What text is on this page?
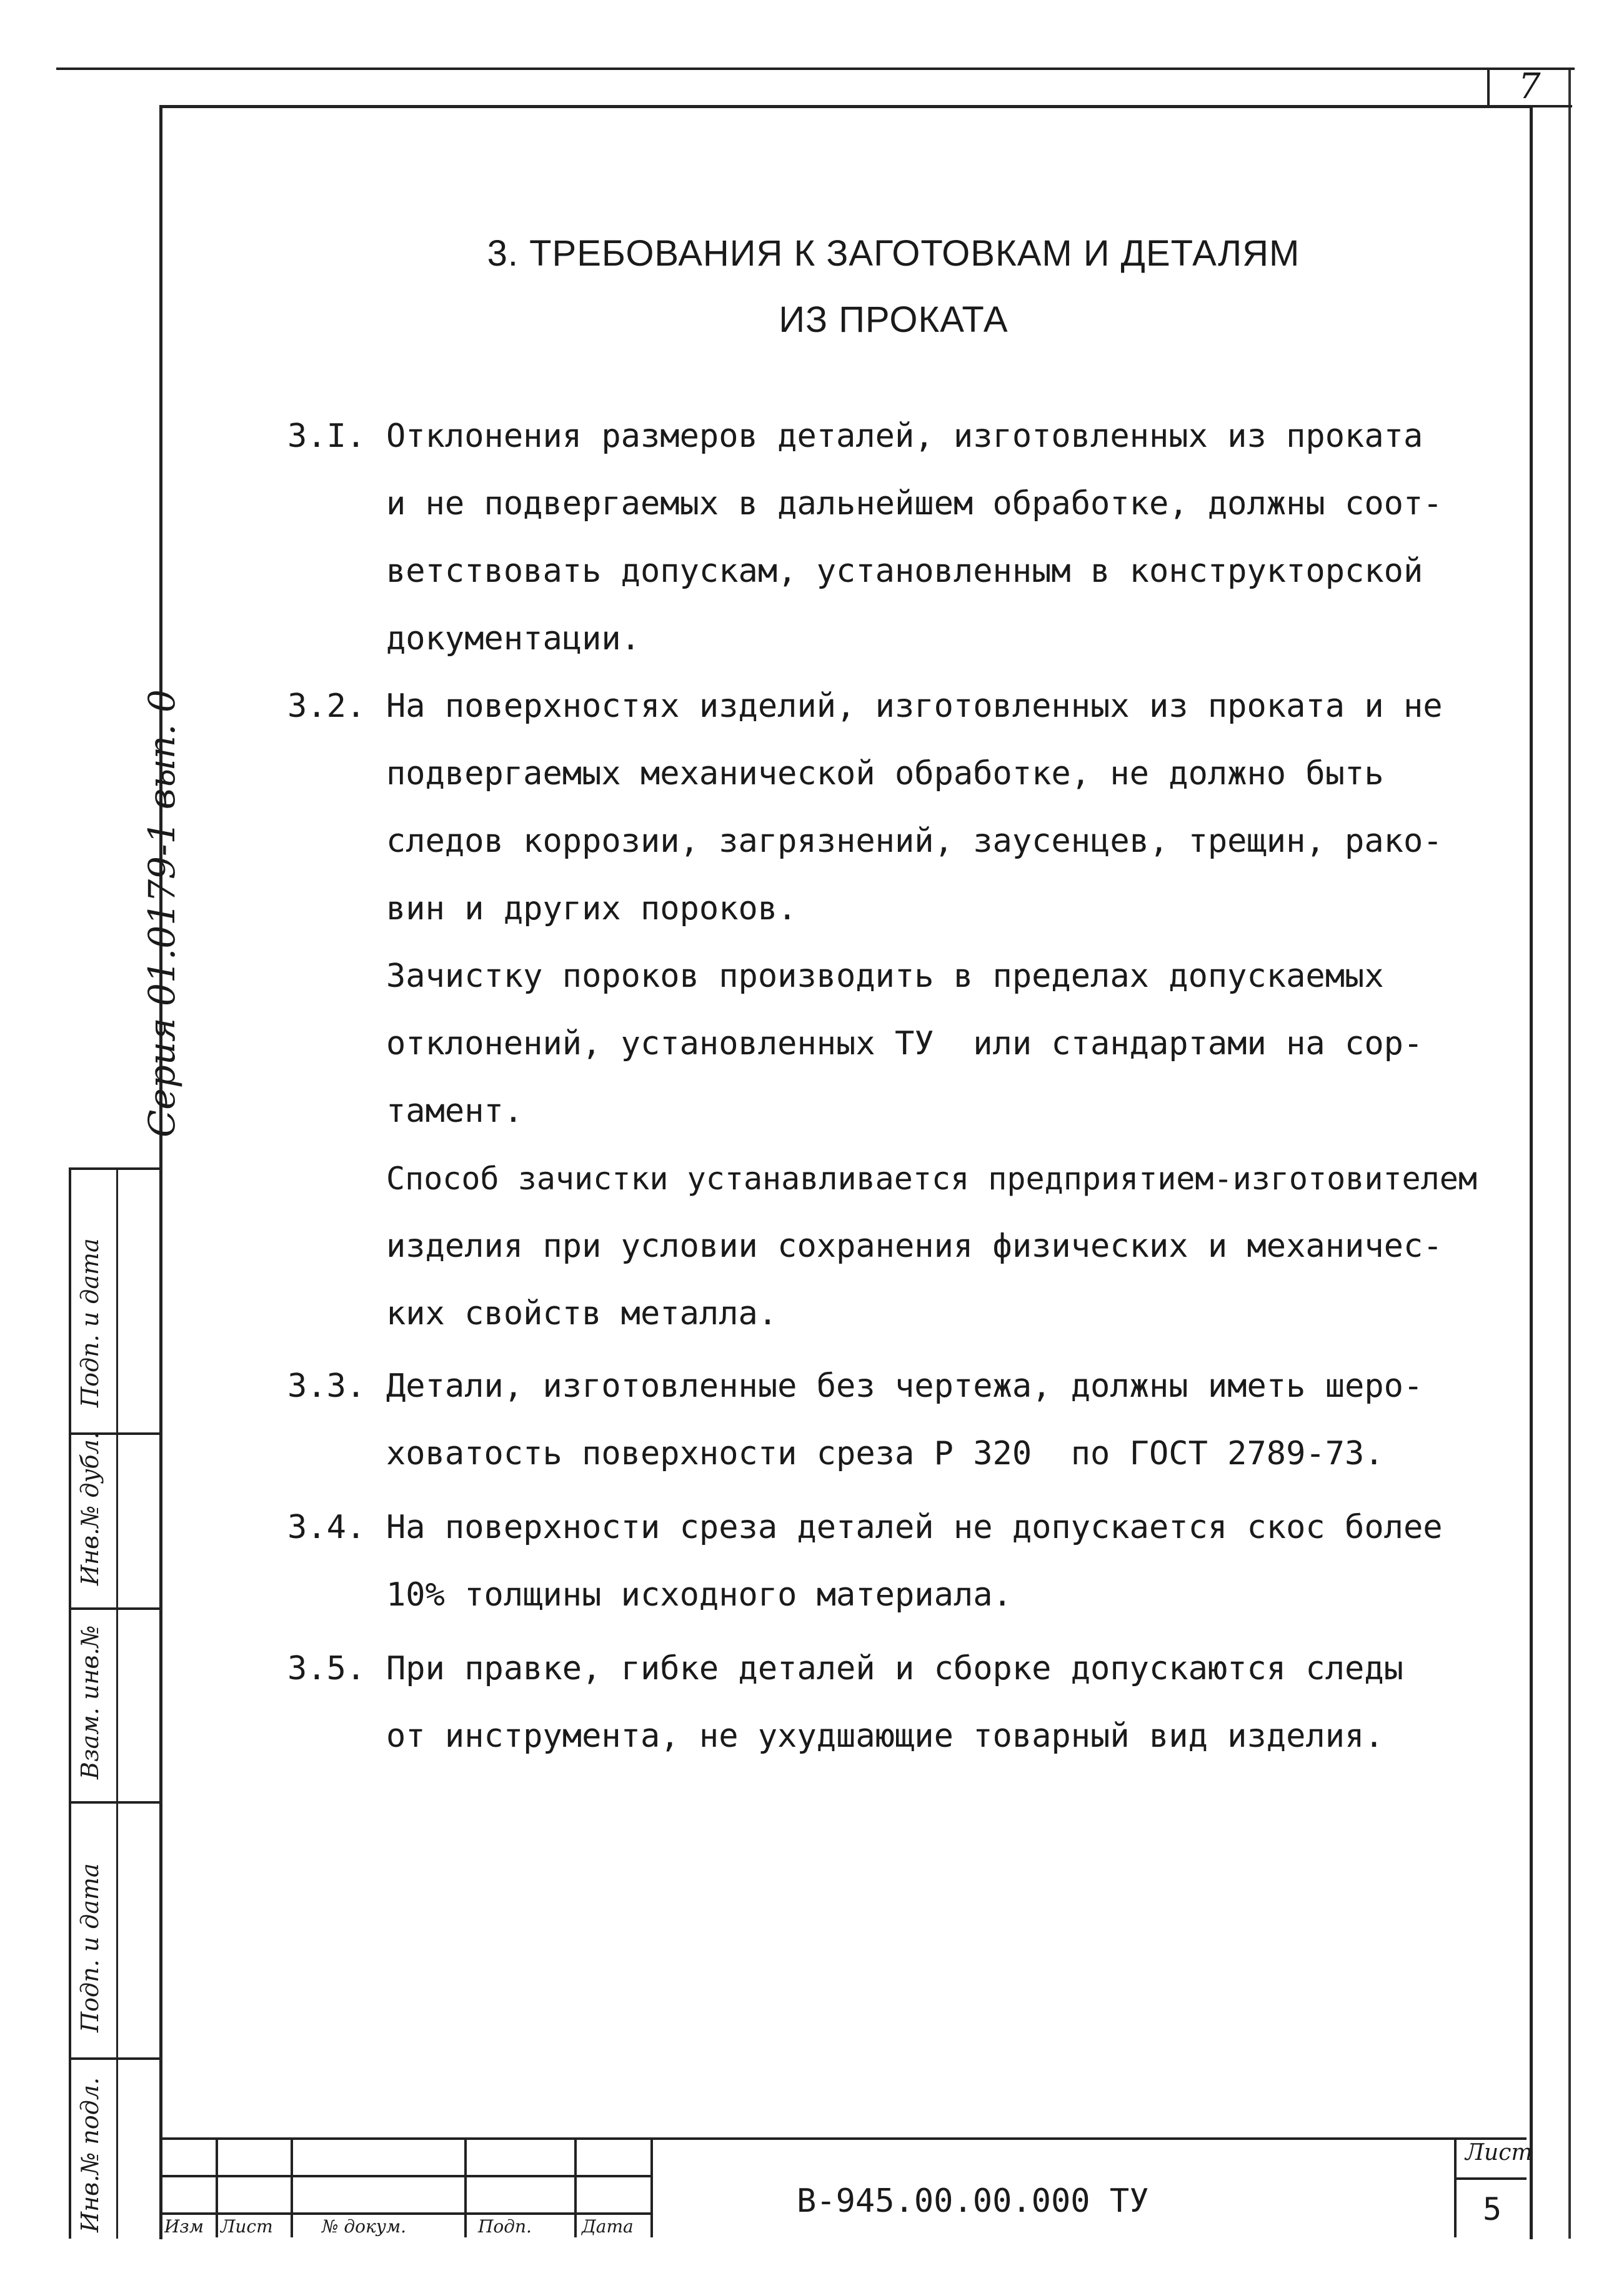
7
Серия 01.0179-1 вып. 0
3. ТРЕБОВАНИЯ К ЗАГОТОВКАМ И ДЕТАЛЯМ
ИЗ ПРОКАТА
3.I. Отклонения размеров деталей, изготовленных из проката
и не подвергаемых в дальнейшем обработке, должны соот-
ветствовать допускам, установленным в конструкторской
документации.
3.2. На поверхностях изделий, изготовленных из проката и не
подвергаемых механической обработке, не должно быть
следов коррозии, загрязнений, заусенцев, трещин, рако-
вин и других пороков.
Зачистку пороков производить в пределах допускаемых
отклонений, установленных ТУ  или стандартами на сор-
тамент.
Способ зачистки устанавливается предприятием-изготовителем
изделия при условии сохранения физических и механичес-
ких свойств металла.
3.3. Детали, изготовленные без чертежа, должны иметь шеро-
ховатость поверхности среза Р 320  по ГОСТ 2789-73.
3.4. На поверхности среза деталей не допускается скос более
10% толщины исходного материала.
3.5. При правке, гибке деталей и сборке допускаются следы
от инструмента, не ухудшающие товарный вид изделия.
Подп. и дата
Инв.№ дубл.
Взам. инв.№
Подп. и дата
Инв.№ подл.	Изм Лист	№ докум.	Подп.	Дата
В-945.00.00.000 ТУ
Лист
5
